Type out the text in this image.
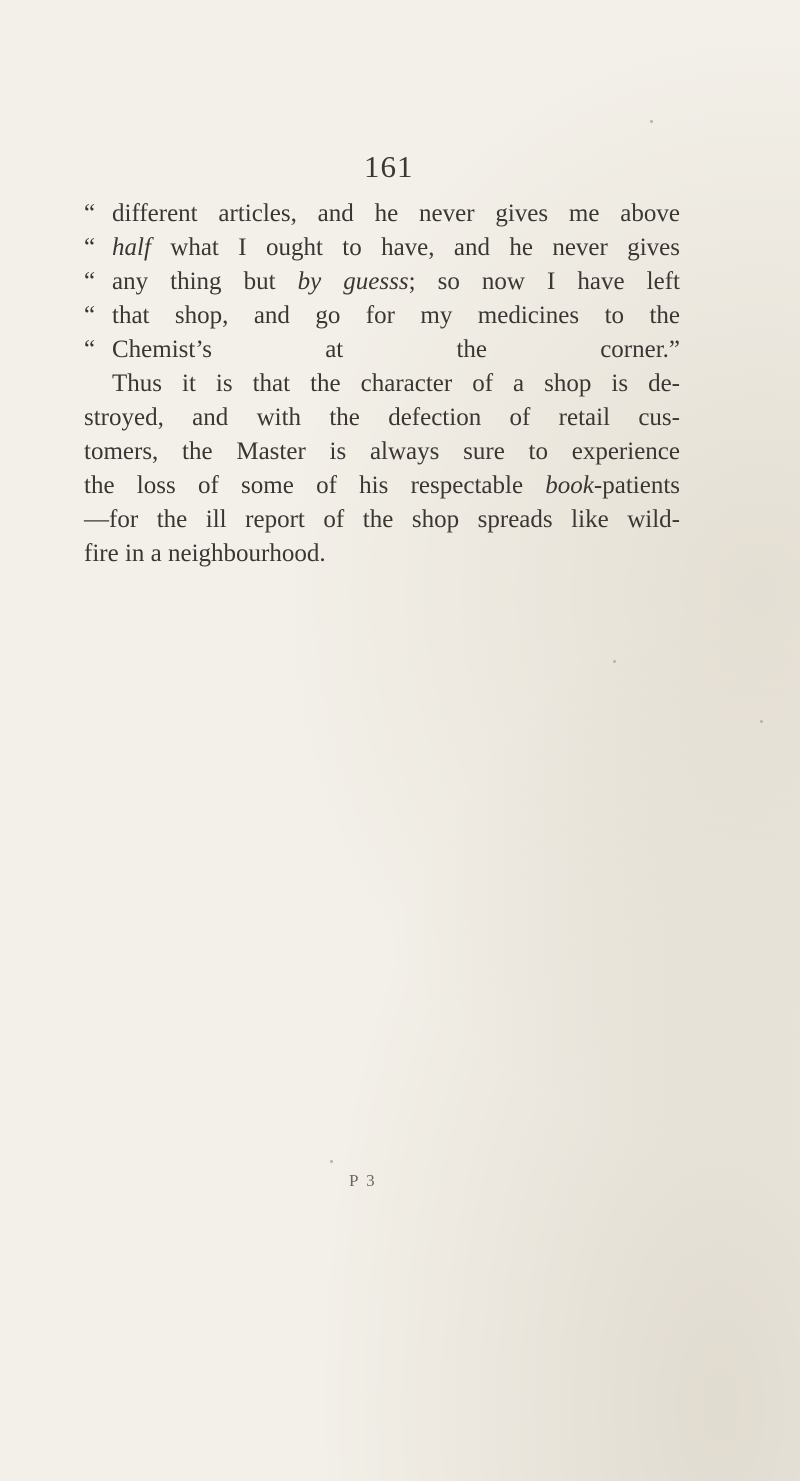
161
“ different articles, and he never gives me above
“ half what I ought to have, and he never gives
“ any thing but by guesss; so now I have left
“ that shop, and go for my medicines to the
“ Chemist’s at the corner.”
Thus it is that the character of a shop is de-
stroyed, and with the defection of retail cus-
tomers, the Master is always sure to experience
the loss of some of his respectable book-patients
—for the ill report of the shop spreads like wild-
fire in a neighbourhood.
P 3
